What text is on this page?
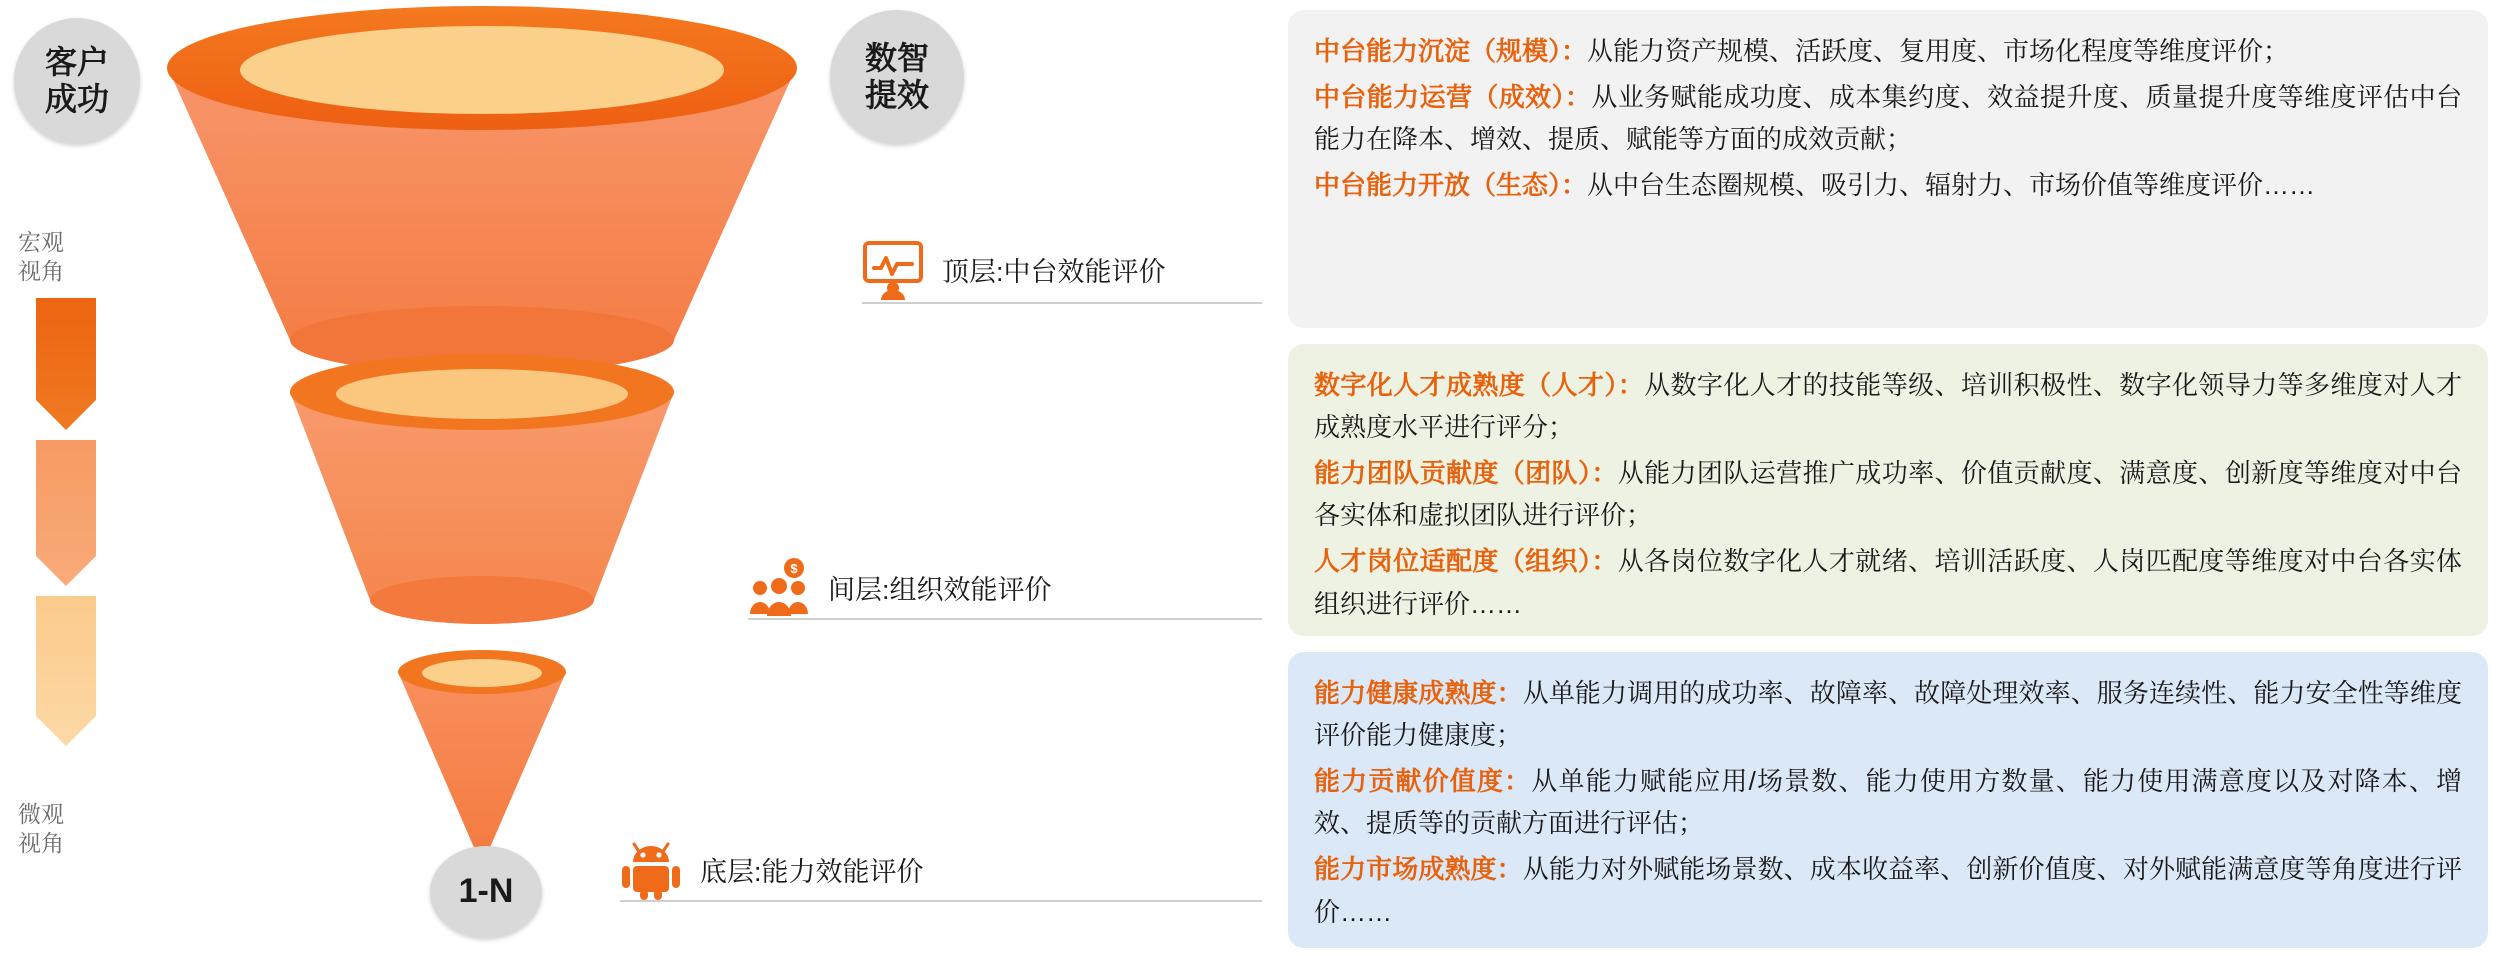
客户
成功
数智
提效
1-N
宏观
视角
微观
视角
顶层:中台效能评价
$
间层:组织效能评价
底层:能力效能评价

中台能力沉淀（规模）：从能力资产规模、活跃度、复用度、市场化程度等维度评价；

中台能力运营（成效）：从业务赋能成功度、成本集约度、效益提升度、质量提升度等维度评估中台能力在降本、增效、提质、赋能等方面的成效贡献；

中台能力开放（生态）：从中台生态圈规模、吸引力、辐射力、市场价值等维度评价……

数字化人才成熟度（人才）：从数字化人才的技能等级、培训积极性、数字化领导力等多维度对人才成熟度水平进行评分；

能力团队贡献度（团队）：从能力团队运营推广成功率、价值贡献度、满意度、创新度等维度对中台各实体和虚拟团队进行评价；

人才岗位适配度（组织）：从各岗位数字化人才就绪、培训活跃度、人岗匹配度等维度对中台各实体组织进行评价……

能力健康成熟度：从单能力调用的成功率、故障率、故障处理效率、服务连续性、能力安全性等维度评价能力健康度；

能力贡献价值度：从单能力赋能应用/场景数、能力使用方数量、能力使用满意度以及对降本、增效、提质等的贡献方面进行评估；

能力市场成熟度：从能力对外赋能场景数、成本收益率、创新价值度、对外赋能满意度等角度进行评价……
